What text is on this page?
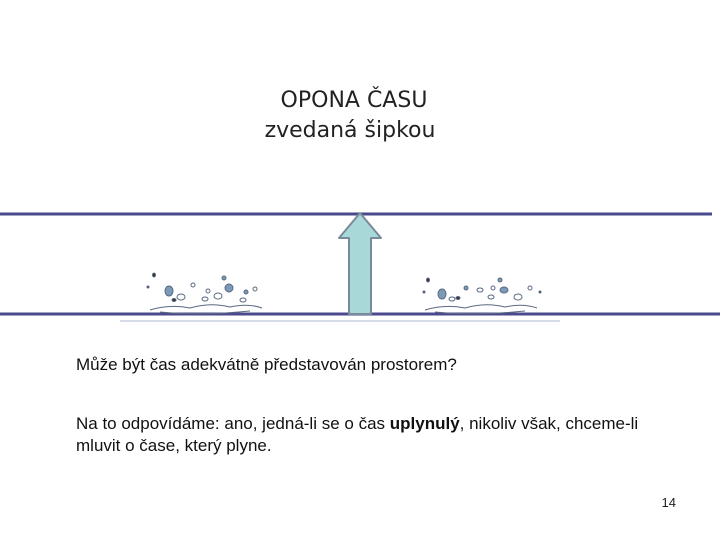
OPONA ČASU
zvedaná šipkou
Může být čas adekvátně představován prostorem?
Na to odpovídáme: ano, jedná-li se o čas uplynulý, nikoliv však, chceme-li mluvit o čase, který plyne.
14
